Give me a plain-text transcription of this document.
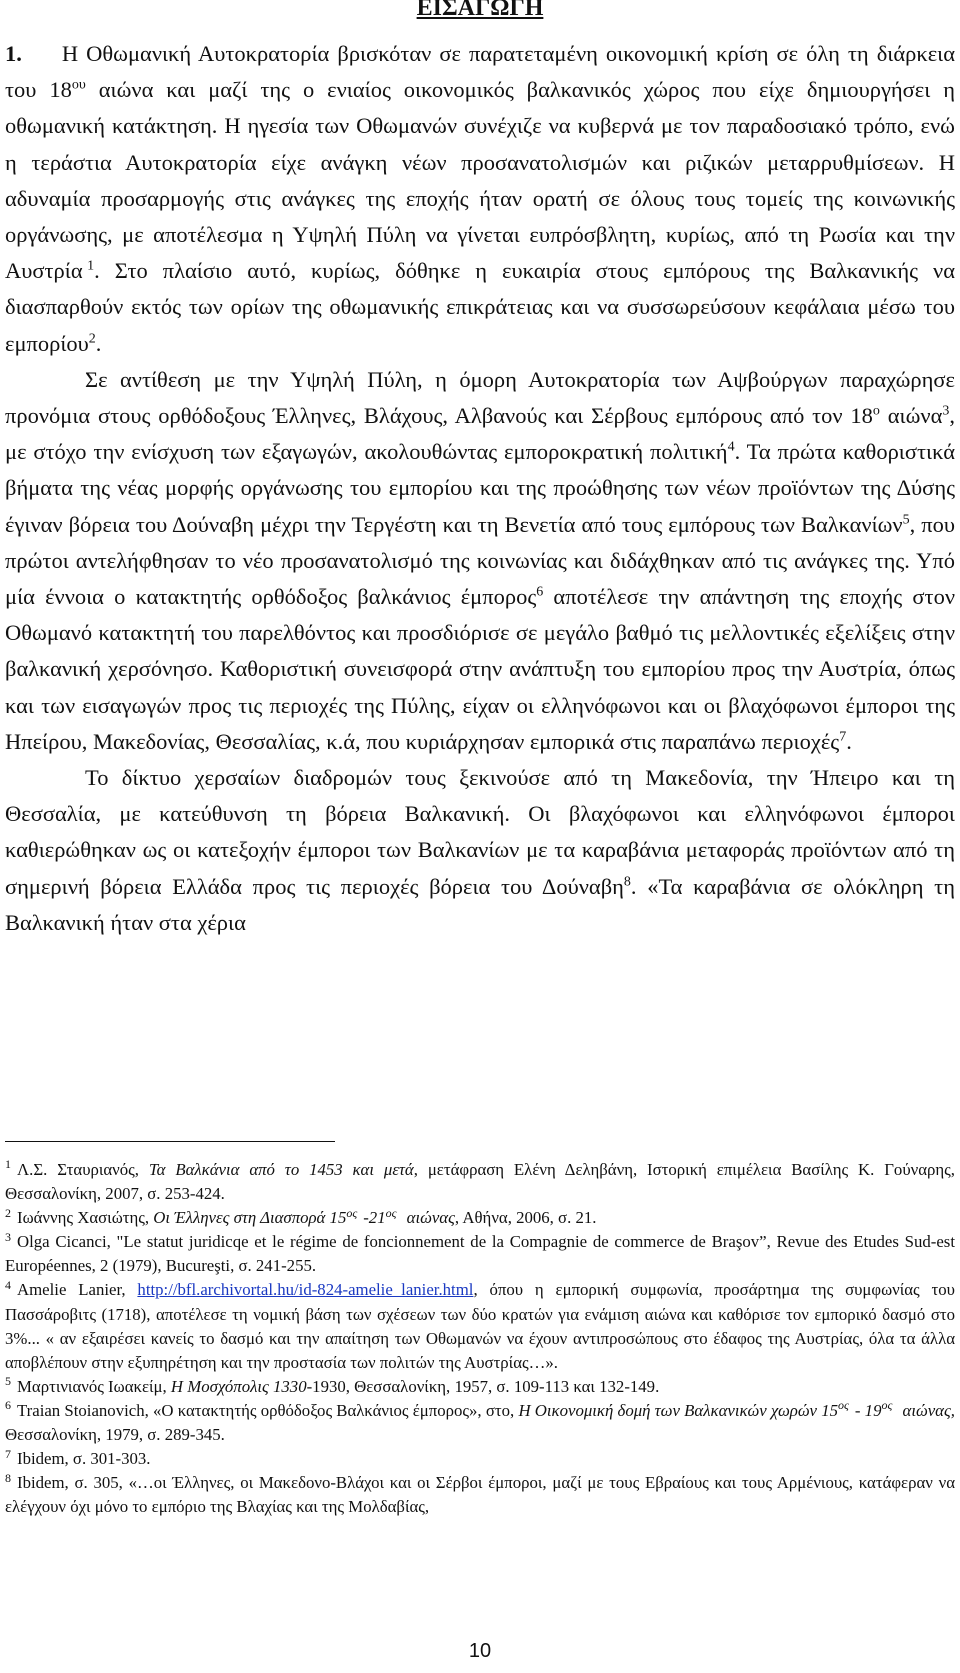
ΕΙΣΑΓΩΓΗ

1. Η Οθωμανική Αυτοκρατορία βρισκόταν σε παρατεταμένη οικονομική κρίση σε όλη τη διάρκεια του $18^{o\upsilon}$ αιώνα και μαζί της ο ενιαίος οικονομικός βαλκανικός χώρος που είχε δημιουργήσει η οθωμανική κατάκτηση. Η ηγεσία των Οθωμανών συνέχιζε να κυβερνά με τον παραδοσιακό τρόπο, ενώ η τεράστια Αυτοκρατορία είχε ανάγκη νέων προσανατολισμών και ριζικών μεταρρυθμίσεων. Η αδυναμία προσαρμογής στις ανάγκες της εποχής ήταν ορατή σε όλους τους τομείς της κοινωνικής οργάνωσης, με αποτέλεσμα η Υψηλή Πύλη να γίνεται ευπρόσβλητη, κυρίως, από τη Ρωσία και την Αυστρία  $^1$. Στο πλαίσιο αυτό, κυρίως, δόθηκε η ευκαιρία στους εμπόρους της Βαλκανικής να διασπαρθούν εκτός των ορίων της οθωμανικής επικράτειας και να συσσωρεύσουν κεφάλαια μέσω του εμπορίου$^2$.

Σε αντίθεση με την Υψηλή Πύλη, η όμορη Αυτοκρατορία των Αψβούργων παραχώρησε προνόμια στους ορθόδοξους Έλληνες, Βλάχους, Αλβανούς και Σέρβους εμπόρους από τον $18^o$ αιώνα$^3$, με στόχο την ενίσχυση των εξαγωγών, ακολουθώντας εμποροκρατική πολιτική$^4$. Τα πρώτα καθοριστικά βήματα της νέας μορφής οργάνωσης του εμπορίου και της προώθησης των νέων προϊόντων της Δύσης έγιναν βόρεια του Δούναβη μέχρι την Τεργέστη και τη Βενετία από τους εμπόρους των Βαλκανίων$^5$, που πρώτοι αντελήφθησαν το νέο προσανατολισμό της κοινωνίας και διδάχθηκαν από τις ανάγκες της. Υπό μία έννοια ο κατακτητής ορθόδοξος βαλκάνιος έμπορος$^6$ αποτέλεσε την απάντηση της εποχής στον Οθωμανό κατακτητή του παρελθόντος και προσδιόρισε σε μεγάλο βαθμό τις μελλοντικές εξελίξεις στην βαλκανική χερσόνησο. Καθοριστική συνεισφορά στην ανάπτυξη του εμπορίου προς την Αυστρία, όπως και των εισαγωγών προς τις περιοχές της Πύλης, είχαν οι ελληνόφωνοι και οι βλαχόφωνοι έμποροι της Ηπείρου, Μακεδονίας, Θεσσαλίας, κ.ά, που κυριάρχησαν εμπορικά στις παραπάνω περιοχές$^7$.

Το δίκτυο χερσαίων διαδρομών τους ξεκινούσε από τη Μακεδονία, την Ήπειρο και τη Θεσσαλία, με κατεύθυνση τη βόρεια Βαλκανική. Οι βλαχόφωνοι και ελληνόφωνοι έμποροι καθιερώθηκαν ως οι κατεξοχήν έμποροι των Βαλκανίων με τα καραβάνια μεταφοράς προϊόντων από τη σημερινή βόρεια Ελλάδα προς τις περιοχές βόρεια του Δούναβη$^8$. «Τα καραβάνια σε ολόκληρη τη Βαλκανική ήταν στα χέρια

$^1$ Λ.Σ. Σταυριανός, Τα Βαλκάνια από το 1453 και μετά, μετάφραση Ελένη Δεληβάνη, Ιστορική επιμέλεια Βασίλης Κ. Γούναρης, Θεσσαλονίκη, 2007, σ. 253-424.

$^2$ Ιωάννης Χασιώτης, Οι Έλληνες στη Διασπορά $15^{o\varsigma}$ $-21^{o\varsigma}$ αιώνας, Αθήνα, 2006, σ. 21.

$^3$ Olga Cicanci, "Le statut juridicqe et le régime de foncionnement de la Compagnie de commerce de Braşov”, Revue des Etudes Sud-est Européennes, 2 (1979), Bucureşti, σ. 241-255.

$^4$ Amelie Lanier, http://bfl.archivortal.hu/id-824-amelie_lanier.html, όπου η εμπορική συμφωνία, προσάρτημα της συμφωνίας του Πασσάροβιτς (1718), αποτέλεσε τη νομική βάση των σχέσεων των δύο κρατών για ενάμιση αιώνα και καθόρισε τον εμπορικό δασμό στο 3%... « αν εξαιρέσει κανείς το δασμό και την απαίτηση των Οθωμανών να έχουν αντιπροσώπους στο έδαφος της Αυστρίας, όλα τα άλλα αποβλέπουν στην εξυπηρέτηση και την προστασία των πολιτών της Αυστρίας…».

$^5$ Μαρτινιανός Ιωακείμ, Η Μοσχόπολις 1330-1930, Θεσσαλονίκη, 1957, σ. 109-113 και 132-149.

$^6$ Traian Stoianovich, «Ο κατακτητής ορθόδοξος Βαλκάνιος έμπορος», στο, Η Οικονομική δομή των Βαλκανικών χωρών $15^{o\varsigma} - 19^{o\varsigma}$ αιώνας, Θεσσαλονίκη, 1979, σ. 289-345.

$^7$ Ibidem, σ. 301-303.

$^8$ Ibidem, σ. 305, «…οι Έλληνες, οι Μακεδονο-Βλάχοι και οι Σέρβοι έμποροι, μαζί με τους Εβραίους και τους Αρμένιους, κατάφεραν να ελέγχουν όχι μόνο το εμπόριο της Βλαχίας και της Μολδαβίας,

10
